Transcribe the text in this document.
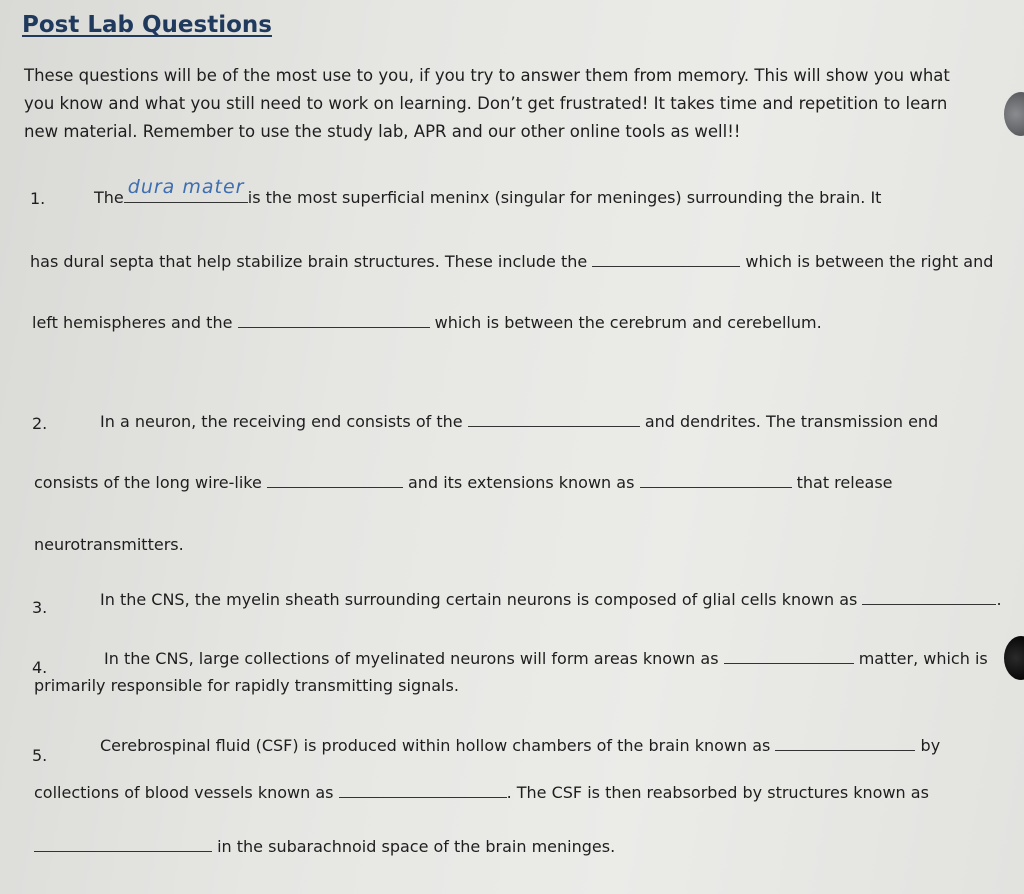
Post Lab Questions
These questions will be of the most use to you, if you try to answer them from memory. This will show you what you know and what you still need to work on learning. Don’t get frustrated! It takes time and repetition to learn new material. Remember to use the study lab, APR and our other online tools as well!!
1.	The dura mater is the most superficial meninx (singular for meninges) surrounding the brain. It
has dural septa that help stabilize brain structures. These include the	which is between the right and
left hemispheres and the	which is between the cerebrum and cerebellum.
2.	In a neuron, the receiving end consists of the	and dendrites. The transmission end
consists of the long wire-like	and its extensions known as	that release
neurotransmitters.
3.	In the CNS, the myelin sheath surrounding certain neurons is composed of glial cells known as	.
4.	In the CNS, large collections of myelinated neurons will form areas known as	matter, which is
primarily responsible for rapidly transmitting signals.
5.
Cerebrospinal fluid (CSF) is produced within hollow chambers of the brain known as	by
collections of blood vessels known as	. The CSF is then reabsorbed by structures known as
in the subarachnoid space of the brain meninges.
